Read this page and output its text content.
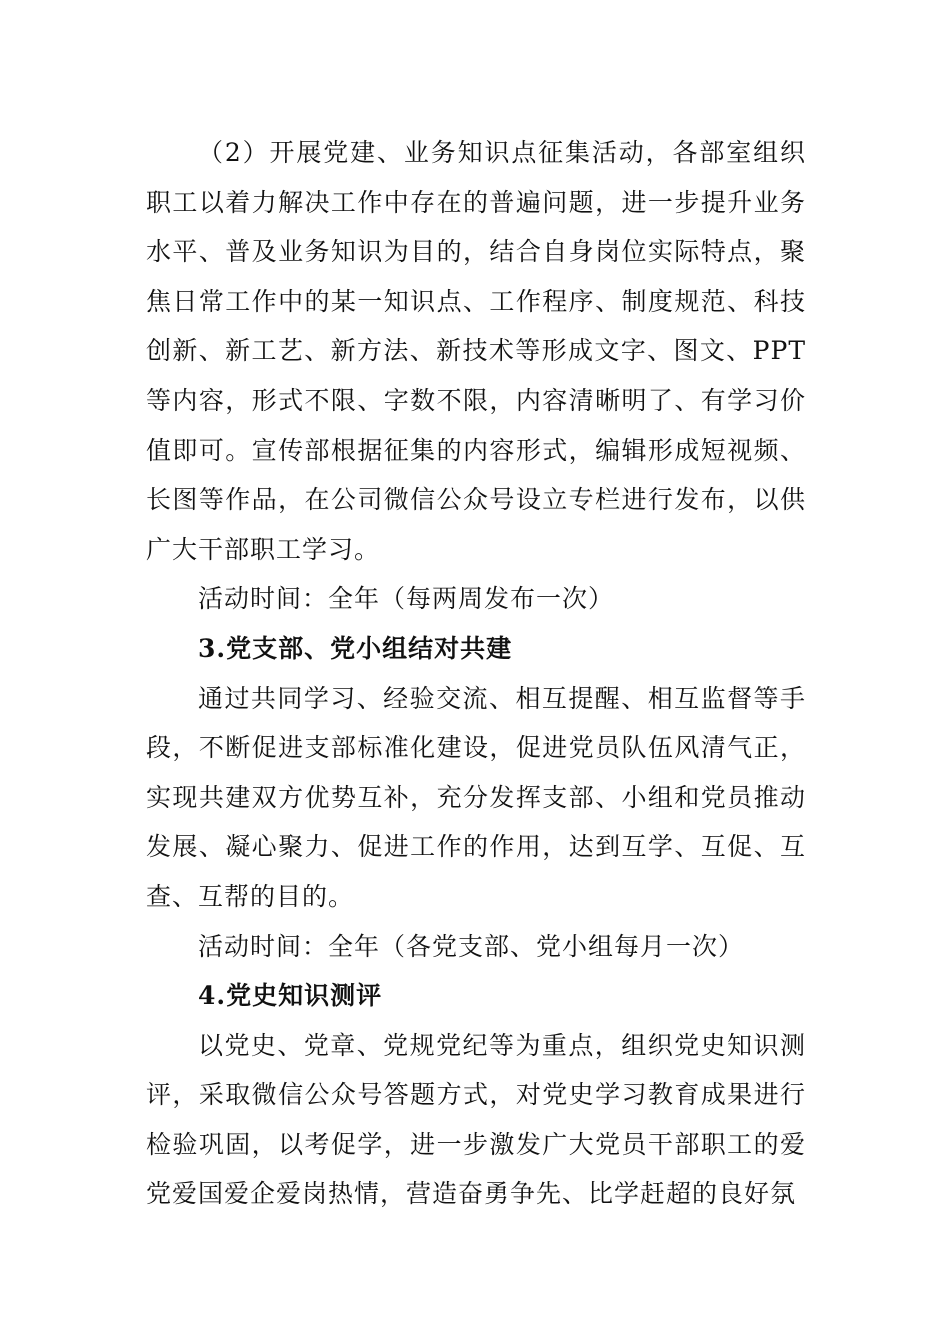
（2）开展党建、业务知识点征集活动，各部室组织职工以着力解决工作中存在的普遍问题，进一步提升业务水平、普及业务知识为目的，结合自身岗位实际特点，聚焦日常工作中的某一知识点、工作程序、制度规范、科技创新、新工艺、新方法、新技术等形成文字、图文、PPT等内容，形式不限、字数不限，内容清晰明了、有学习价值即可。宣传部根据征集的内容形式，编辑形成短视频、长图等作品，在公司微信公众号设立专栏进行发布，以供广大干部职工学习。

活动时间：全年（每两周发布一次）

3.党支部、党小组结对共建

通过共同学习、经验交流、相互提醒、相互监督等手段，不断促进支部标准化建设，促进党员队伍风清气正，实现共建双方优势互补，充分发挥支部、小组和党员推动发展、凝心聚力、促进工作的作用，达到互学、互促、互查、互帮的目的。

活动时间：全年（各党支部、党小组每月一次）

4.党史知识测评

以党史、党章、党规党纪等为重点，组织党史知识测评，采取微信公众号答题方式，对党史学习教育成果进行检验巩固，以考促学，进一步激发广大党员干部职工的爱党爱国爱企爱岗热情，营造奋勇争先、比学赶超的良好氛
